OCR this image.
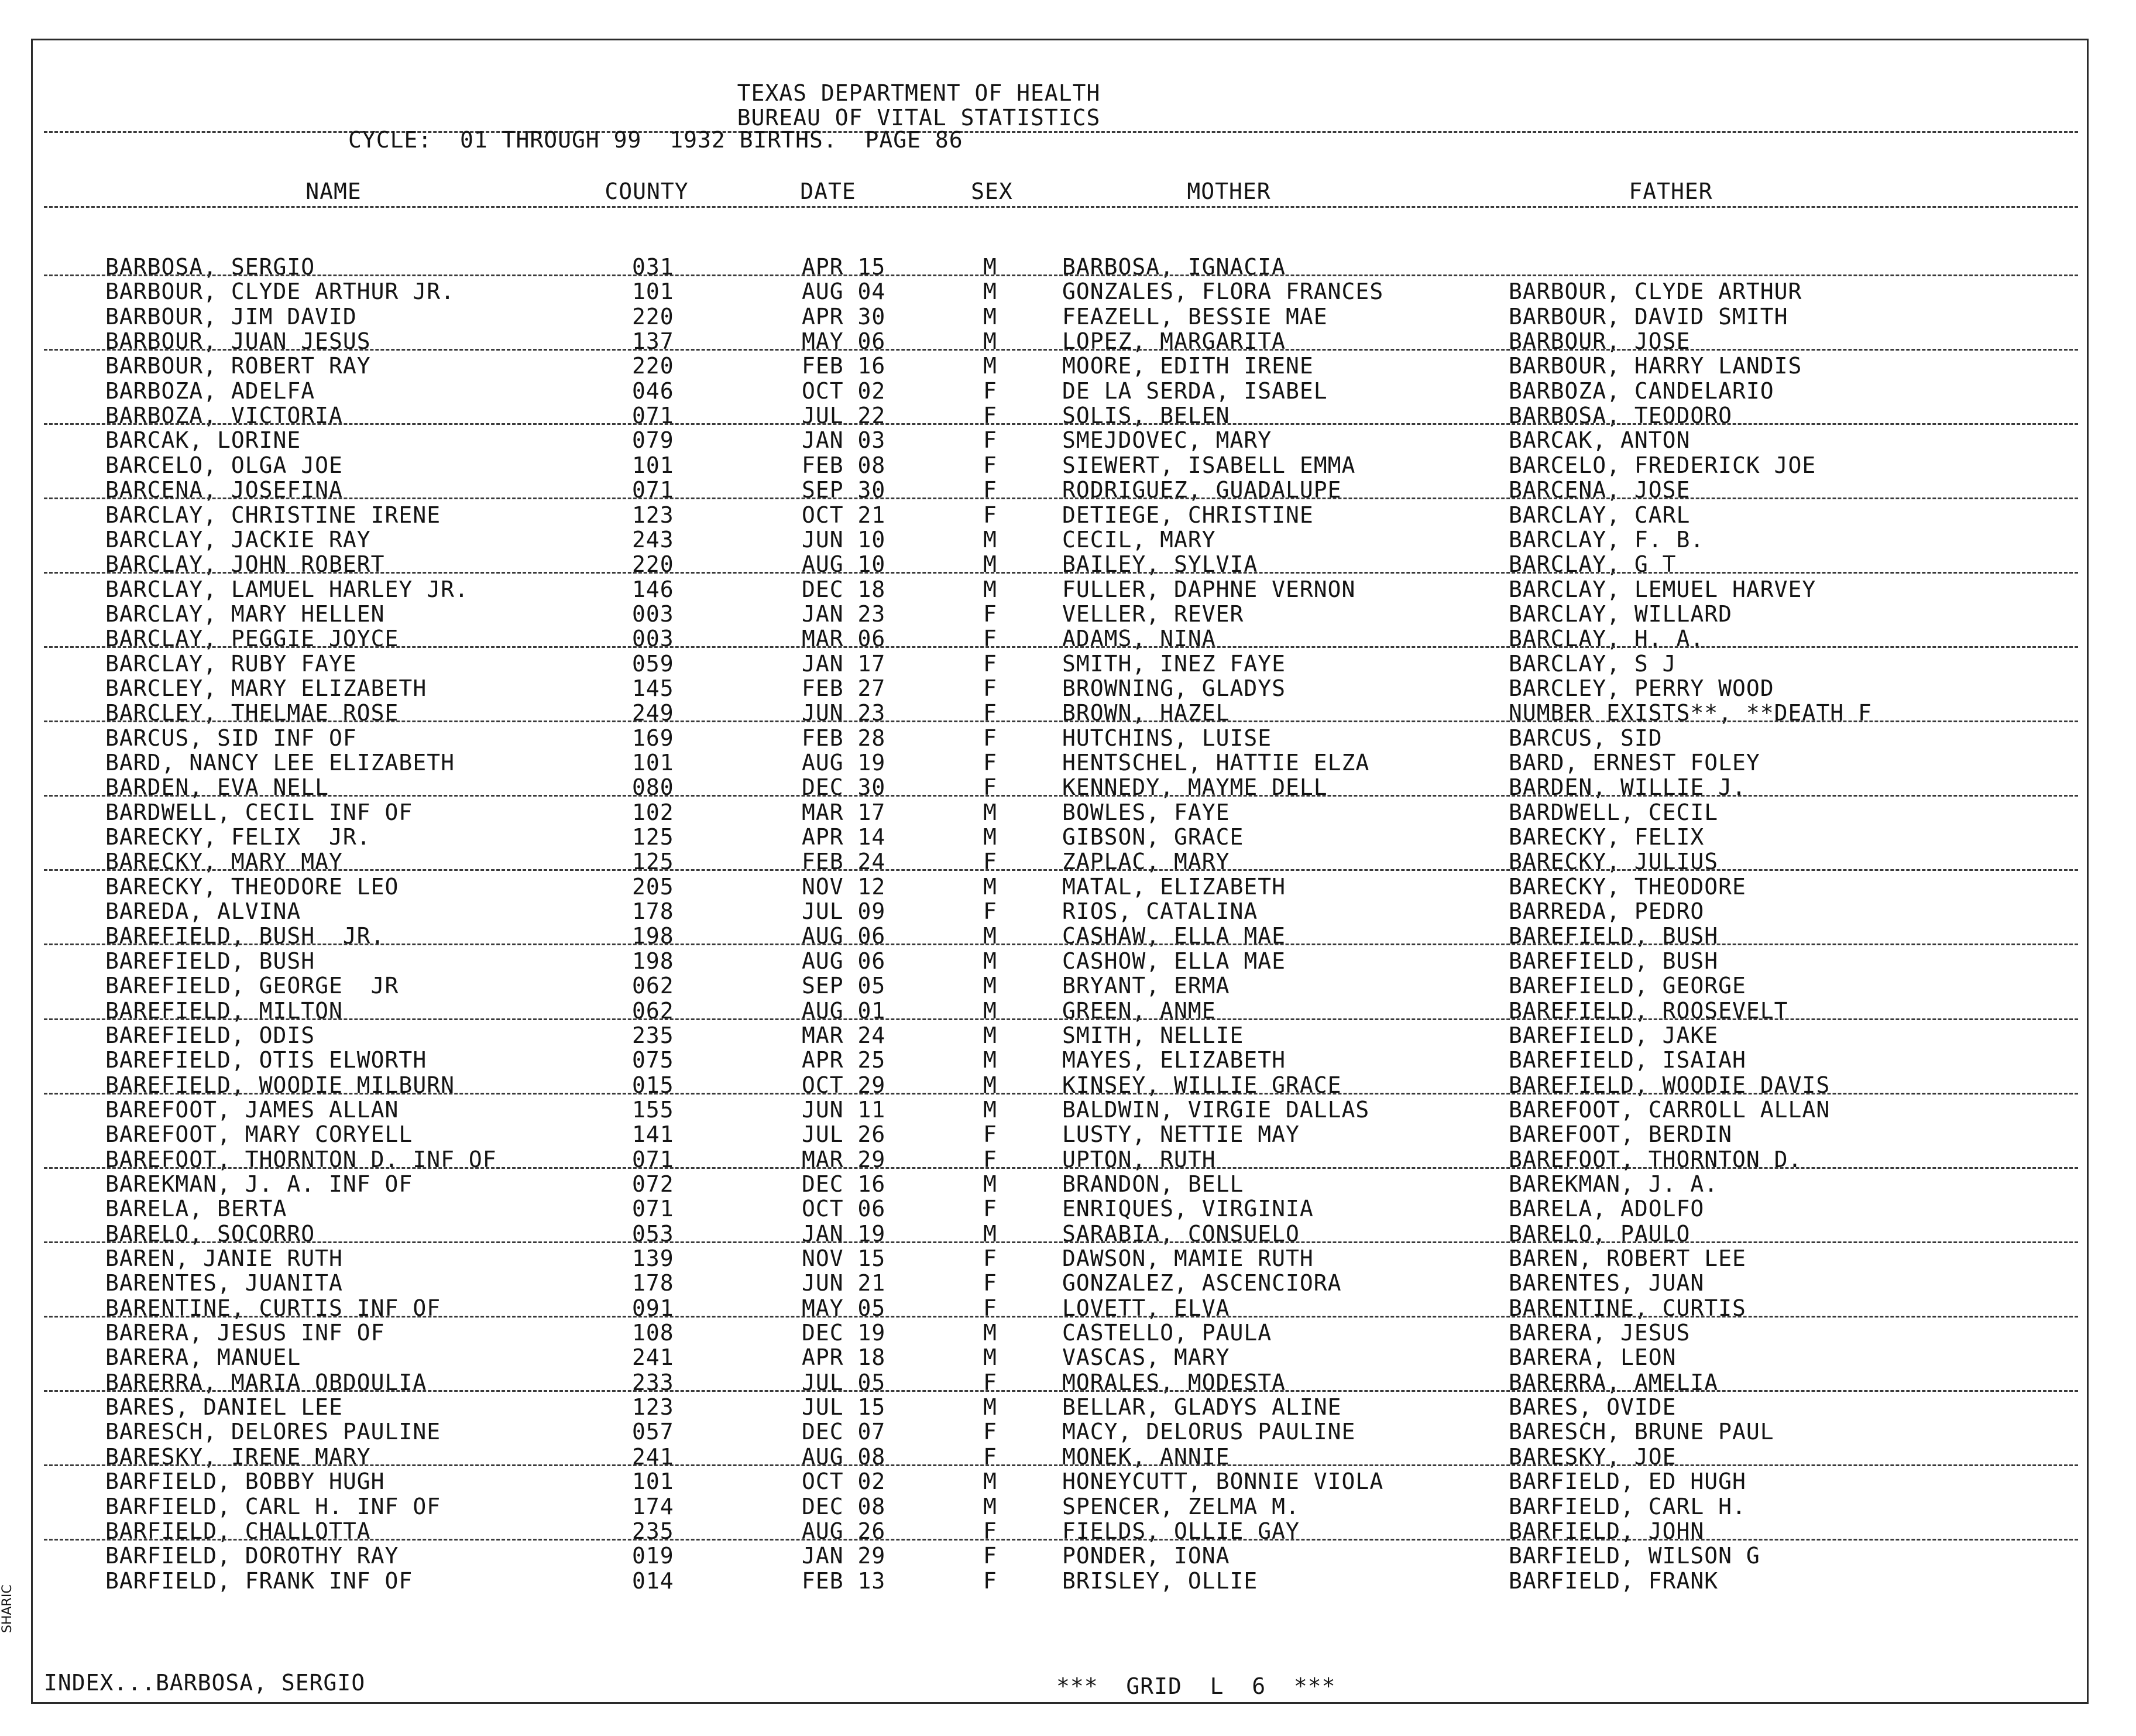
TEXAS DEPARTMENT OF HEALTH
BUREAU OF VITAL STATISTICS
CYCLE:  01 THROUGH 99  1932 BIRTHS.  PAGE 86
NAME	COUNTY	DATE	SEX	MOTHER	FATHER
BARBOSA, SERGIO	031	APR 15	M	BARBOSA, IGNACIA
BARBOUR, CLYDE ARTHUR JR.	101	AUG 04	M	GONZALES, FLORA FRANCES	BARBOUR, CLYDE ARTHUR
BARBOUR, JIM DAVID	220	APR 30	M	FEAZELL, BESSIE MAE	BARBOUR, DAVID SMITH
BARBOUR, JUAN JESUS	137	MAY 06	M	LOPEZ, MARGARITA	BARBOUR, JOSE
BARBOUR, ROBERT RAY	220	FEB 16	M	MOORE, EDITH IRENE	BARBOUR, HARRY LANDIS
BARBOZA, ADELFA	046	OCT 02	F	DE LA SERDA, ISABEL	BARBOZA, CANDELARIO
BARBOZA, VICTORIA	071	JUL 22	F	SOLIS, BELEN	BARBOSA, TEODORO
BARCAK, LORINE	079	JAN 03	F	SMEJDOVEC, MARY	BARCAK, ANTON
BARCELO, OLGA JOE	101	FEB 08	F	SIEWERT, ISABELL EMMA	BARCELO, FREDERICK JOE
BARCENA, JOSEFINA	071	SEP 30	F	RODRIGUEZ, GUADALUPE	BARCENA, JOSE
BARCLAY, CHRISTINE IRENE	123	OCT 21	F	DETIEGE, CHRISTINE	BARCLAY, CARL
BARCLAY, JACKIE RAY	243	JUN 10	M	CECIL, MARY	BARCLAY, F. B.
BARCLAY, JOHN ROBERT	220	AUG 10	M	BAILEY, SYLVIA	BARCLAY, G T
BARCLAY, LAMUEL HARLEY JR.	146	DEC 18	M	FULLER, DAPHNE VERNON	BARCLAY, LEMUEL HARVEY
BARCLAY, MARY HELLEN	003	JAN 23	F	VELLER, REVER	BARCLAY, WILLARD
BARCLAY, PEGGIE JOYCE	003	MAR 06	F	ADAMS, NINA	BARCLAY, H. A.
BARCLAY, RUBY FAYE	059	JAN 17	F	SMITH, INEZ FAYE	BARCLAY, S J
BARCLEY, MARY ELIZABETH	145	FEB 27	F	BROWNING, GLADYS	BARCLEY, PERRY WOOD
BARCLEY, THELMAE ROSE	249	JUN 23	F	BROWN, HAZEL	NUMBER EXISTS**, **DEATH F
BARCUS, SID INF OF	169	FEB 28	F	HUTCHINS, LUISE	BARCUS, SID
BARD, NANCY LEE ELIZABETH	101	AUG 19	F	HENTSCHEL, HATTIE ELZA	BARD, ERNEST FOLEY
BARDEN, EVA NELL	080	DEC 30	F	KENNEDY, MAYME DELL	BARDEN, WILLIE J.
BARDWELL, CECIL INF OF	102	MAR 17	M	BOWLES, FAYE	BARDWELL, CECIL
BARECKY, FELIX  JR.	125	APR 14	M	GIBSON, GRACE	BARECKY, FELIX
BARECKY, MARY MAY	125	FEB 24	F	ZAPLAC, MARY	BARECKY, JULIUS
BARECKY, THEODORE LEO	205	NOV 12	M	MATAL, ELIZABETH	BARECKY, THEODORE
BAREDA, ALVINA	178	JUL 09	F	RIOS, CATALINA	BARREDA, PEDRO
BAREFIELD, BUSH  JR.	198	AUG 06	M	CASHAW, ELLA MAE	BAREFIELD, BUSH
BAREFIELD, BUSH	198	AUG 06	M	CASHOW, ELLA MAE	BAREFIELD, BUSH
BAREFIELD, GEORGE  JR	062	SEP 05	M	BRYANT, ERMA	BAREFIELD, GEORGE
BAREFIELD, MILTON	062	AUG 01	M	GREEN, ANME	BAREFIELD, ROOSEVELT
BAREFIELD, ODIS	235	MAR 24	M	SMITH, NELLIE	BAREFIELD, JAKE
BAREFIELD, OTIS ELWORTH	075	APR 25	M	MAYES, ELIZABETH	BAREFIELD, ISAIAH
BAREFIELD, WOODIE MILBURN	015	OCT 29	M	KINSEY, WILLIE GRACE	BAREFIELD, WOODIE DAVIS
BAREFOOT, JAMES ALLAN	155	JUN 11	M	BALDWIN, VIRGIE DALLAS	BAREFOOT, CARROLL ALLAN
BAREFOOT, MARY CORYELL	141	JUL 26	F	LUSTY, NETTIE MAY	BAREFOOT, BERDIN
BAREFOOT, THORNTON D. INF OF	071	MAR 29	F	UPTON, RUTH	BAREFOOT, THORNTON D.
BAREKMAN, J. A. INF OF	072	DEC 16	M	BRANDON, BELL	BAREKMAN, J. A.
BARELA, BERTA	071	OCT 06	F	ENRIQUES, VIRGINIA	BARELA, ADOLFO
BARELO, SOCORRO	053	JAN 19	M	SARABIA, CONSUELO	BARELO, PAULO
BAREN, JANIE RUTH	139	NOV 15	F	DAWSON, MAMIE RUTH	BAREN, ROBERT LEE
BARENTES, JUANITA	178	JUN 21	F	GONZALEZ, ASCENCIORA	BARENTES, JUAN
BARENTINE, CURTIS INF OF	091	MAY 05	F	LOVETT, ELVA	BARENTINE, CURTIS
BARERA, JESUS INF OF	108	DEC 19	M	CASTELLO, PAULA	BARERA, JESUS
BARERA, MANUEL	241	APR 18	M	VASCAS, MARY	BARERA, LEON
BARERRA, MARIA OBDOULIA	233	JUL 05	F	MORALES, MODESTA	BARERRA, AMELIA
BARES, DANIEL LEE	123	JUL 15	M	BELLAR, GLADYS ALINE	BARES, OVIDE
BARESCH, DELORES PAULINE	057	DEC 07	F	MACY, DELORUS PAULINE	BARESCH, BRUNE PAUL
BARESKY, IRENE MARY	241	AUG 08	F	MONEK, ANNIE	BARESKY, JOE
BARFIELD, BOBBY HUGH	101	OCT 02	M	HONEYCUTT, BONNIE VIOLA	BARFIELD, ED HUGH
BARFIELD, CARL H. INF OF	174	DEC 08	M	SPENCER, ZELMA M.	BARFIELD, CARL H.
BARFIELD, CHALLOTTA	235	AUG 26	F	FIELDS, OLLIE GAY	BARFIELD, JOHN
BARFIELD, DOROTHY RAY	019	JAN 29	F	PONDER, IONA	BARFIELD, WILSON G
BARFIELD, FRANK INF OF	014	FEB 13	F	BRISLEY, OLLIE	BARFIELD, FRANK
INDEX...BARBOSA, SERGIO	***  GRID  L  6  ***
SHARIC
